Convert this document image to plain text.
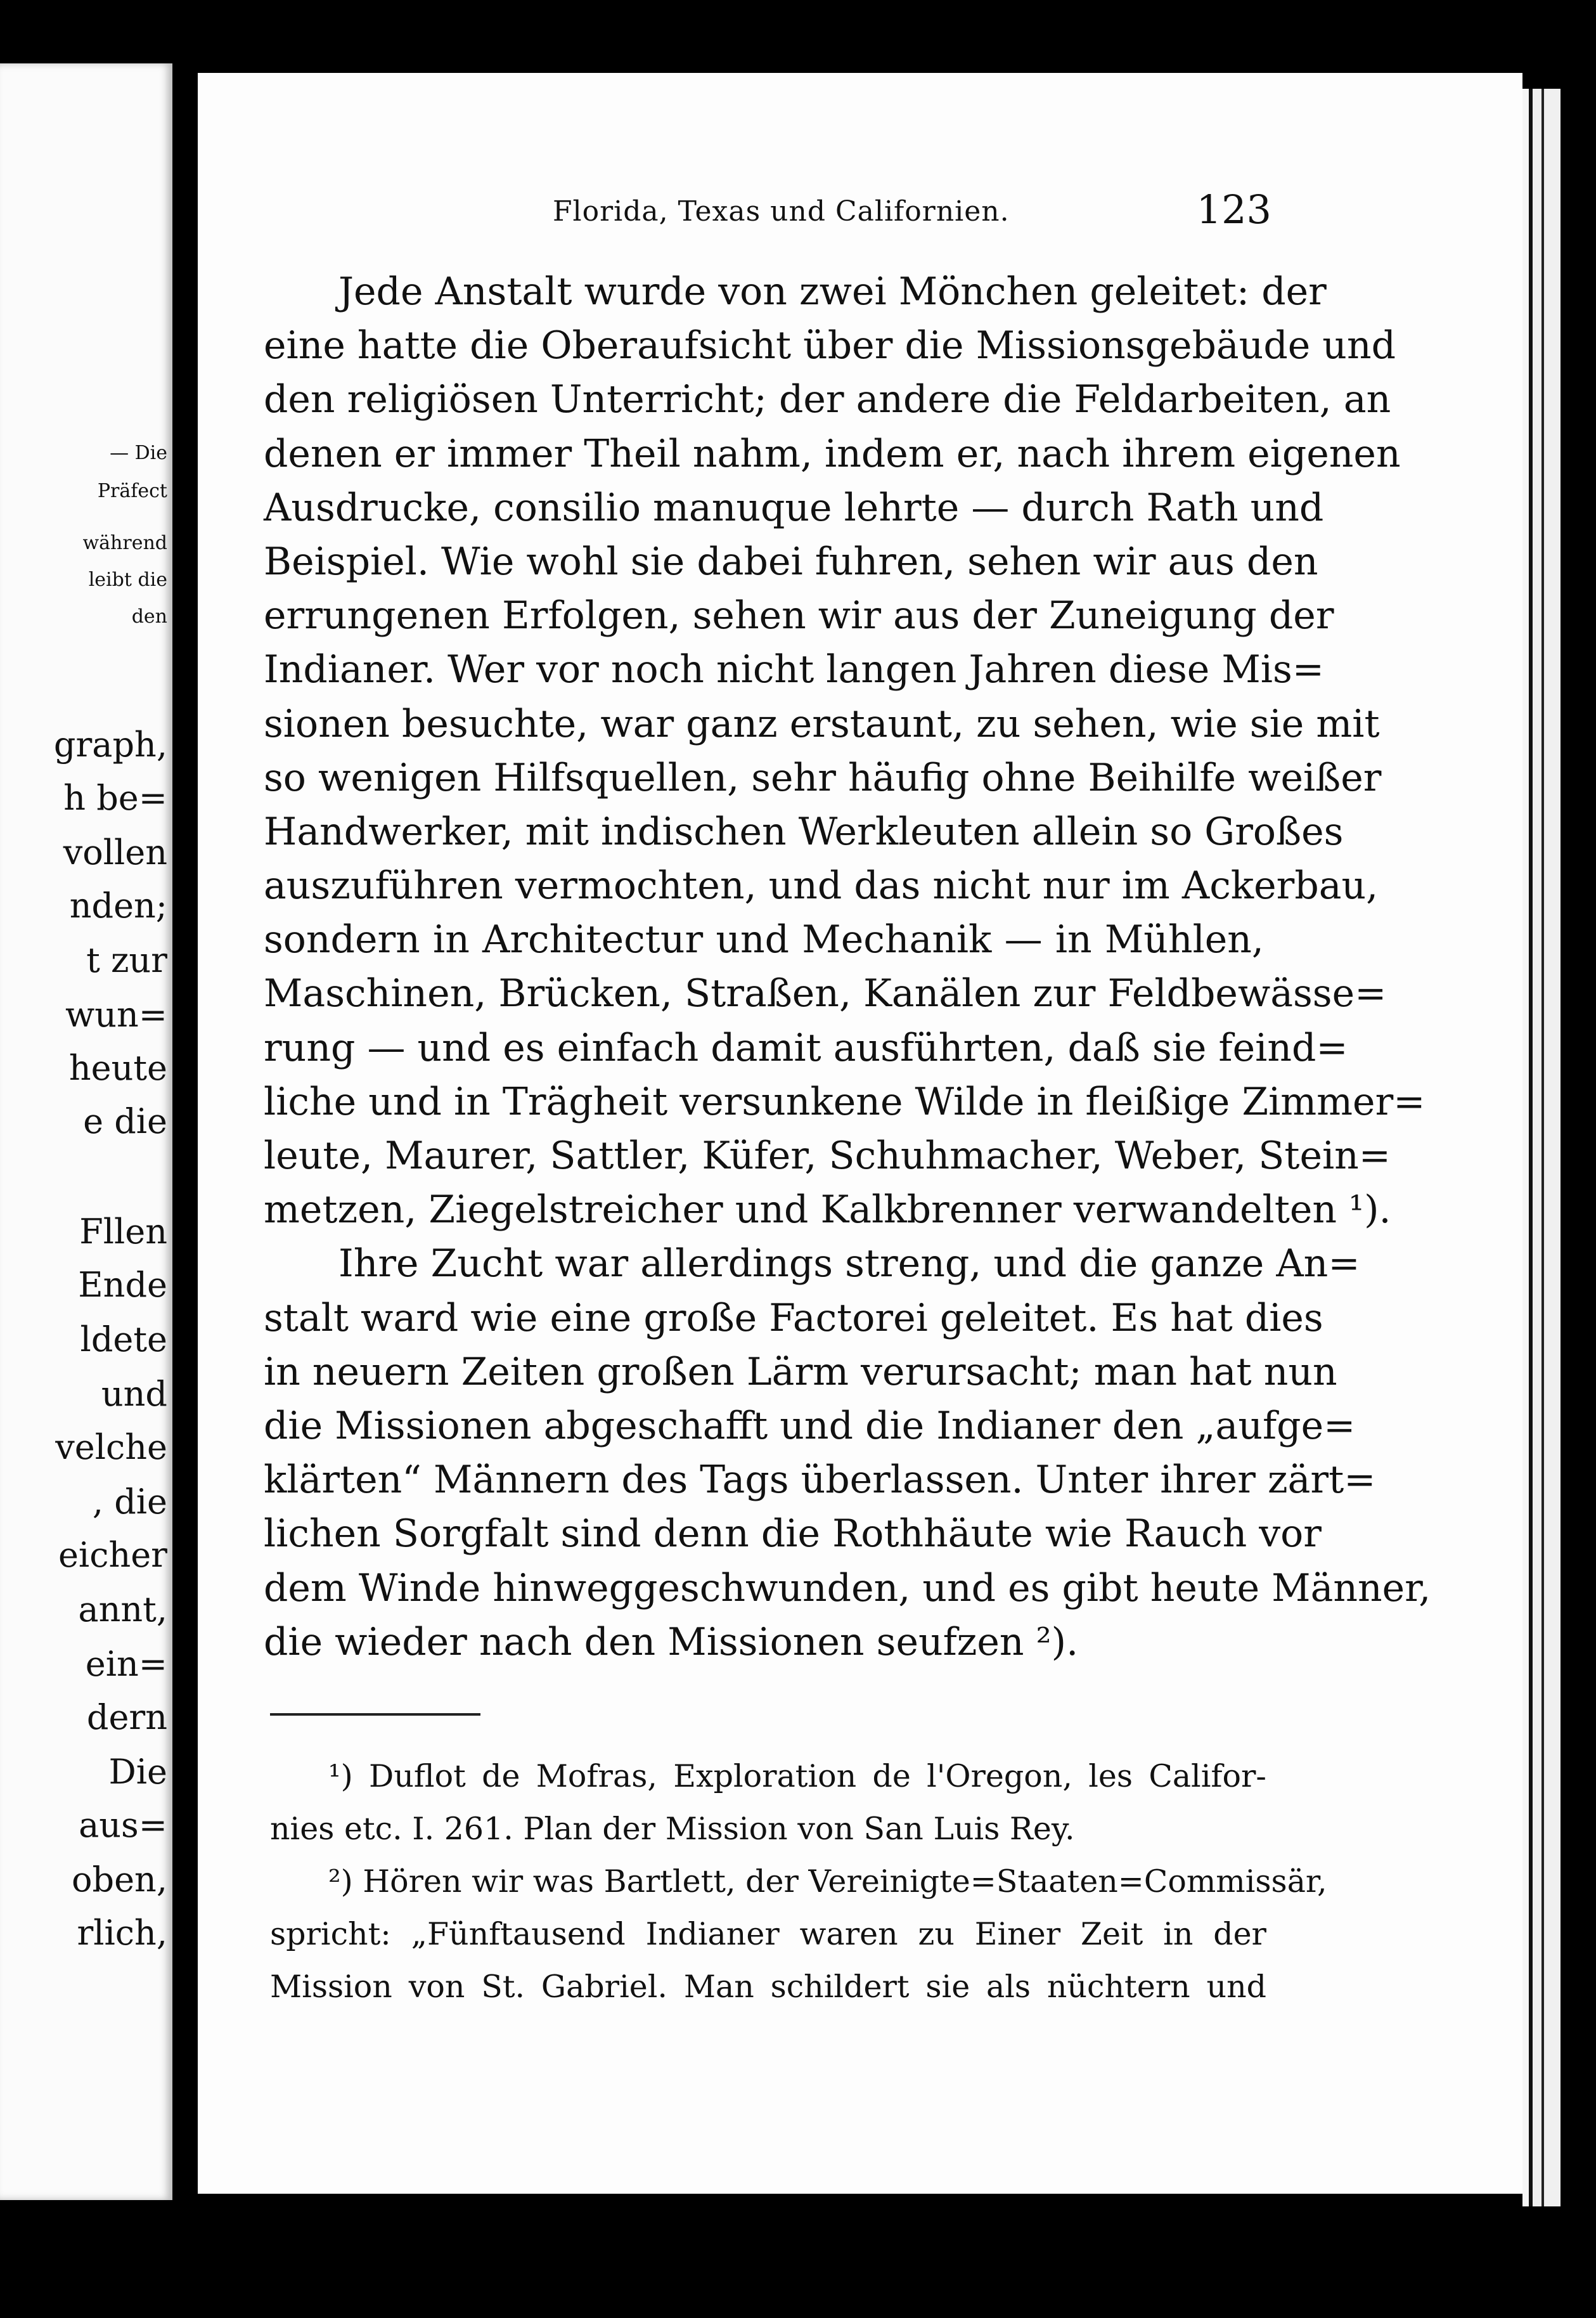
— Die
Präfect
während
leibt die
den
graph,
h be=
vollen
nden;
t zur
wun=
heute
e die
Fllen
Ende
ldete
und
velche
, die
eicher
annt,
ein=
dern
Die
aus=
oben,
rlich,
Florida, Texas und Californien.	123
Jede Anstalt wurde von zwei Mönchen geleitet: der
eine hatte die Oberaufsicht über die Missionsgebäude und
den religiösen Unterricht; der andere die Feldarbeiten, an
denen er immer Theil nahm, indem er, nach ihrem eigenen
Ausdrucke, consilio manuque lehrte — durch Rath und
Beispiel. Wie wohl sie dabei fuhren, sehen wir aus den
errungenen Erfolgen, sehen wir aus der Zuneigung der
Indianer. Wer vor noch nicht langen Jahren diese Mis=
sionen besuchte, war ganz erstaunt, zu sehen, wie sie mit
so wenigen Hilfsquellen, sehr häufig ohne Beihilfe weißer
Handwerker, mit indischen Werkleuten allein so Großes
auszuführen vermochten, und das nicht nur im Ackerbau,
sondern in Architectur und Mechanik — in Mühlen,
Maschinen, Brücken, Straßen, Kanälen zur Feldbewässe=
rung — und es einfach damit ausführten, daß sie feind=
liche und in Trägheit versunkene Wilde in fleißige Zimmer=
leute, Maurer, Sattler, Küfer, Schuhmacher, Weber, Stein=
metzen, Ziegelstreicher und Kalkbrenner verwandelten ¹).
Ihre Zucht war allerdings streng, und die ganze An=
stalt ward wie eine große Factorei geleitet. Es hat dies
in neuern Zeiten großen Lärm verursacht; man hat nun
die Missionen abgeschafft und die Indianer den „aufge=
klärten“ Männern des Tags überlassen. Unter ihrer zärt=
lichen Sorgfalt sind denn die Rothhäute wie Rauch vor
dem Winde hinweggeschwunden, und es gibt heute Männer,
die wieder nach den Missionen seufzen ²).
¹) Duflot de Mofras, Exploration de l'Oregon, les Califor-
nies etc. I. 261. Plan der Mission von San Luis Rey.
²) Hören wir was Bartlett, der Vereinigte=Staaten=Commissär,
spricht: „Fünftausend Indianer waren zu Einer Zeit in der
Mission von St. Gabriel. Man schildert sie als nüchtern und
